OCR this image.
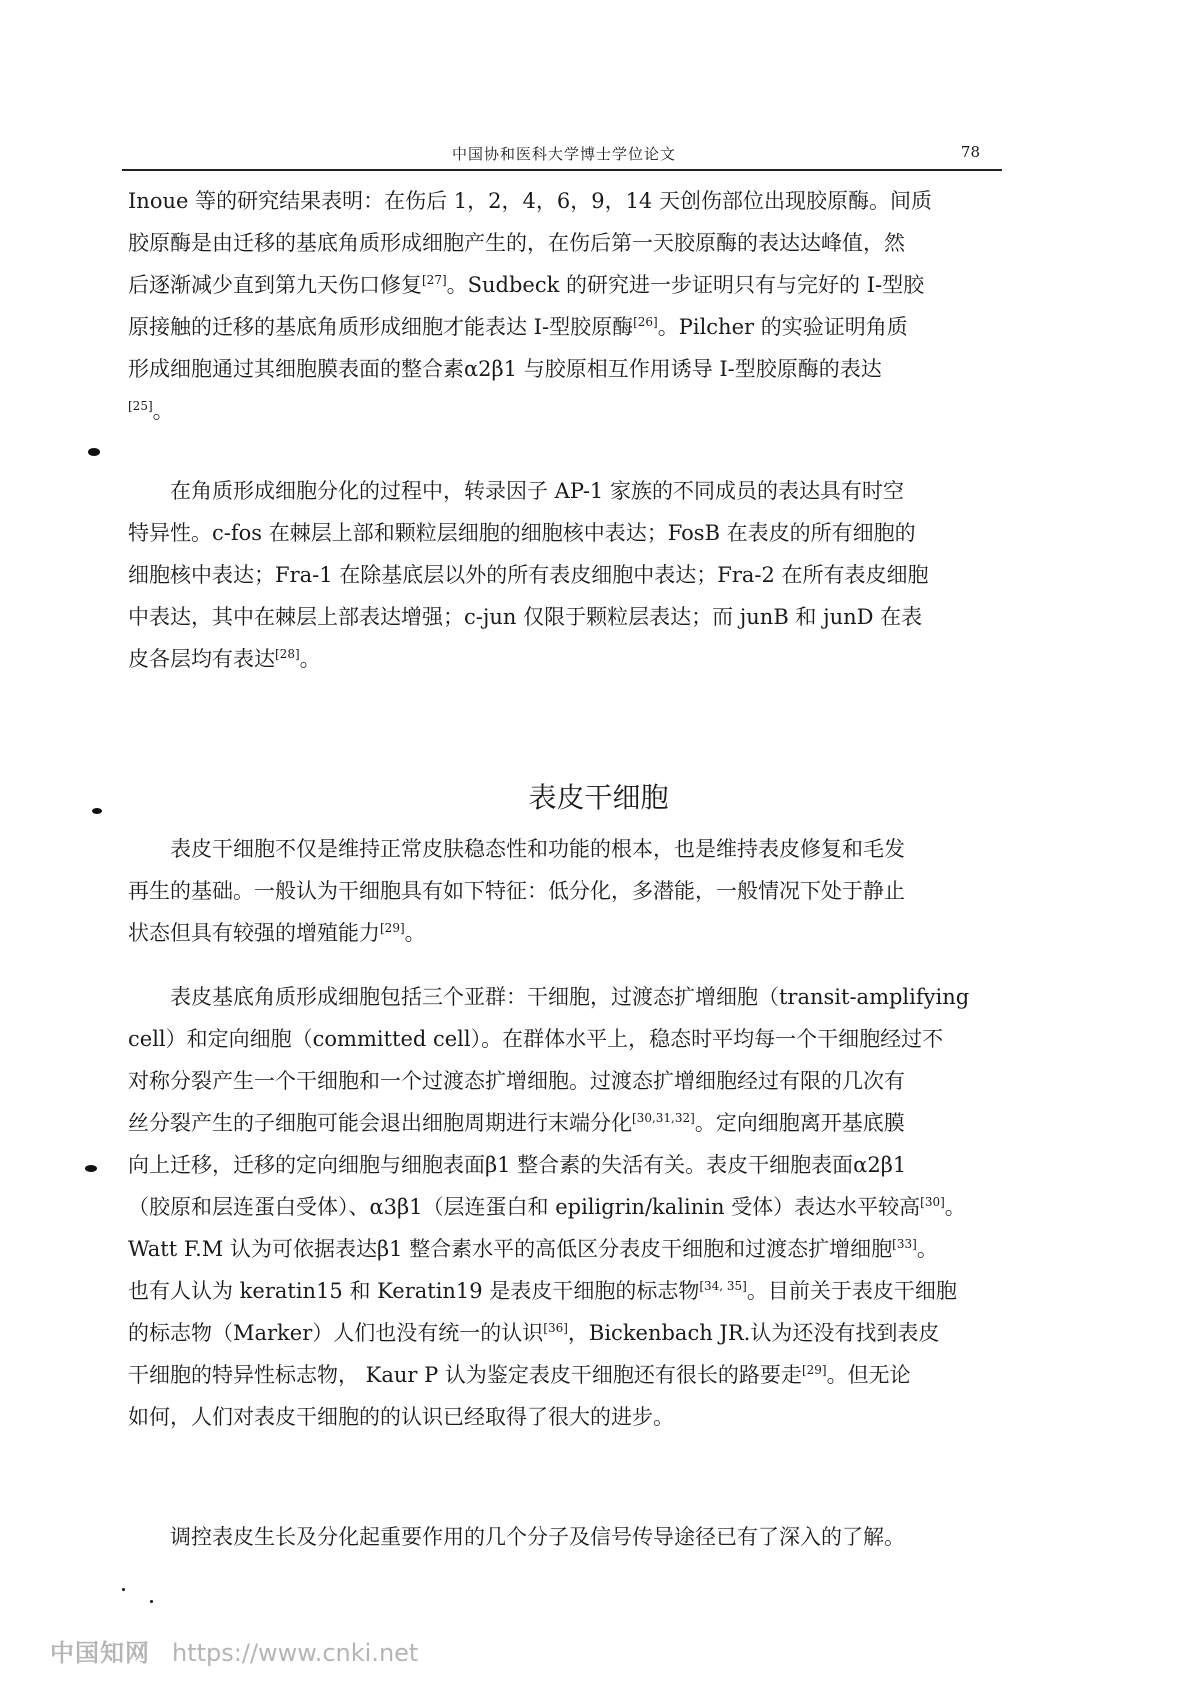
中国协和医科大学博士学位论文	78

Inoue 等的研究结果表明：在伤后 1，2，4，6，9，14 天创伤部位出现胶原酶。间质

胶原酶是由迁移的基底角质形成细胞产生的，在伤后第一天胶原酶的表达达峰值，然

后逐渐减少直到第九天伤口修复[27]。Sudbeck 的研究进一步证明只有与完好的 I-型胶

原接触的迁移的基底角质形成细胞才能表达 I-型胶原酶[26]。Pilcher 的实验证明角质

形成细胞通过其细胞膜表面的整合素α2β1 与胶原相互作用诱导 I-型胶原酶的表达

[25]。

在角质形成细胞分化的过程中，转录因子 AP-1 家族的不同成员的表达具有时空

特异性。c-fos 在棘层上部和颗粒层细胞的细胞核中表达；FosB 在表皮的所有细胞的

细胞核中表达；Fra-1 在除基底层以外的所有表皮细胞中表达；Fra-2 在所有表皮细胞

中表达，其中在棘层上部表达增强；c-jun 仅限于颗粒层表达；而 junB 和 junD 在表

皮各层均有表达[28]。

表皮干细胞

表皮干细胞不仅是维持正常皮肤稳态性和功能的根本，也是维持表皮修复和毛发

再生的基础。一般认为干细胞具有如下特征：低分化，多潜能，一般情况下处于静止

状态但具有较强的增殖能力[29]。

表皮基底角质形成细胞包括三个亚群：干细胞，过渡态扩增细胞（transit-amplifying

cell）和定向细胞（committed cell）。在群体水平上，稳态时平均每一个干细胞经过不

对称分裂产生一个干细胞和一个过渡态扩增细胞。过渡态扩增细胞经过有限的几次有

丝分裂产生的子细胞可能会退出细胞周期进行末端分化[30,31,32]。定向细胞离开基底膜

向上迁移，迁移的定向细胞与细胞表面β1 整合素的失活有关。表皮干细胞表面α2β1

（胶原和层连蛋白受体）、α3β1（层连蛋白和 epiligrin/kalinin 受体）表达水平较高[30]。

Watt F.M 认为可依据表达β1 整合素水平的高低区分表皮干细胞和过渡态扩增细胞[33]。

也有人认为 keratin15 和 Keratin19 是表皮干细胞的标志物[34, 35]。目前关于表皮干细胞

的标志物（Marker）人们也没有统一的认识[36]，Bickenbach JR.认为还没有找到表皮

干细胞的特异性标志物， Kaur P 认为鉴定表皮干细胞还有很长的路要走[29]。但无论

如何，人们对表皮干细胞的的认识已经取得了很大的进步。

调控表皮生长及分化起重要作用的几个分子及信号传导途径已有了深入的了解。

中国知网 https://www.cnki.net
